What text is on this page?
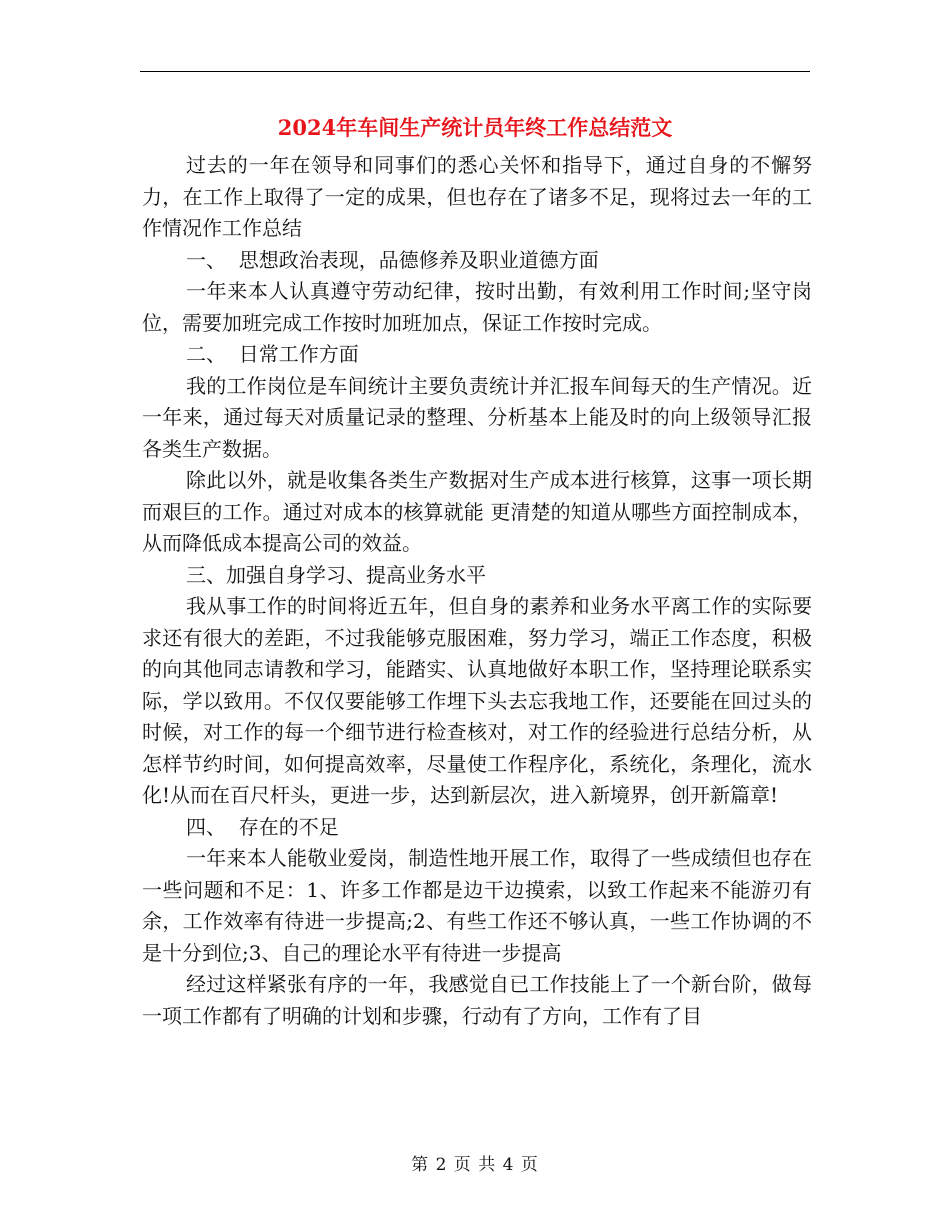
2024年车间生产统计员年终工作总结范文

过去的一年在领导和同事们的悉心关怀和指导下，通过自身的不懈努力，在工作上取得了一定的成果，但也存在了诸多不足，现将过去一年的工作情况作工作总结

一、  思想政治表现，品德修养及职业道德方面

一年来本人认真遵守劳动纪律，按时出勤，有效利用工作时间;坚守岗位，需要加班完成工作按时加班加点，保证工作按时完成。

二、  日常工作方面

我的工作岗位是车间统计主要负责统计并汇报车间每天的生产情况。近一年来，通过每天对质量记录的整理、分析基本上能及时的向上级领导汇报各类生产数据。

除此以外，就是收集各类生产数据对生产成本进行核算，这事一项长期而艰巨的工作。通过对成本的核算就能 更清楚的知道从哪些方面控制成本，从而降低成本提高公司的效益。

三、加强自身学习、提高业务水平

我从事工作的时间将近五年，但自身的素养和业务水平离工作的实际要求还有很大的差距，不过我能够克服困难，努力学习，端正工作态度，积极的向其他同志请教和学习，能踏实、认真地做好本职工作，坚持理论联系实际，学以致用。不仅仅要能够工作埋下头去忘我地工作，还要能在回过头的时候，对工作的每一个细节进行检查核对，对工作的经验进行总结分析，从怎样节约时间，如何提高效率，尽量使工作程序化，系统化，条理化，流水化!从而在百尺杆头，更进一步，达到新层次，进入新境界，创开新篇章!

四、  存在的不足

一年来本人能敬业爱岗，制造性地开展工作，取得了一些成绩但也存在一些问题和不足：1、许多工作都是边干边摸索，以致工作起来不能游刃有余，工作效率有待进一步提高;2、有些工作还不够认真，一些工作协调的不是十分到位;3、自己的理论水平有待进一步提高

经过这样紧张有序的一年，我感觉自已工作技能上了一个新台阶，做每一项工作都有了明确的计划和步骤，行动有了方向，工作有了目

第 2 页 共 4 页
